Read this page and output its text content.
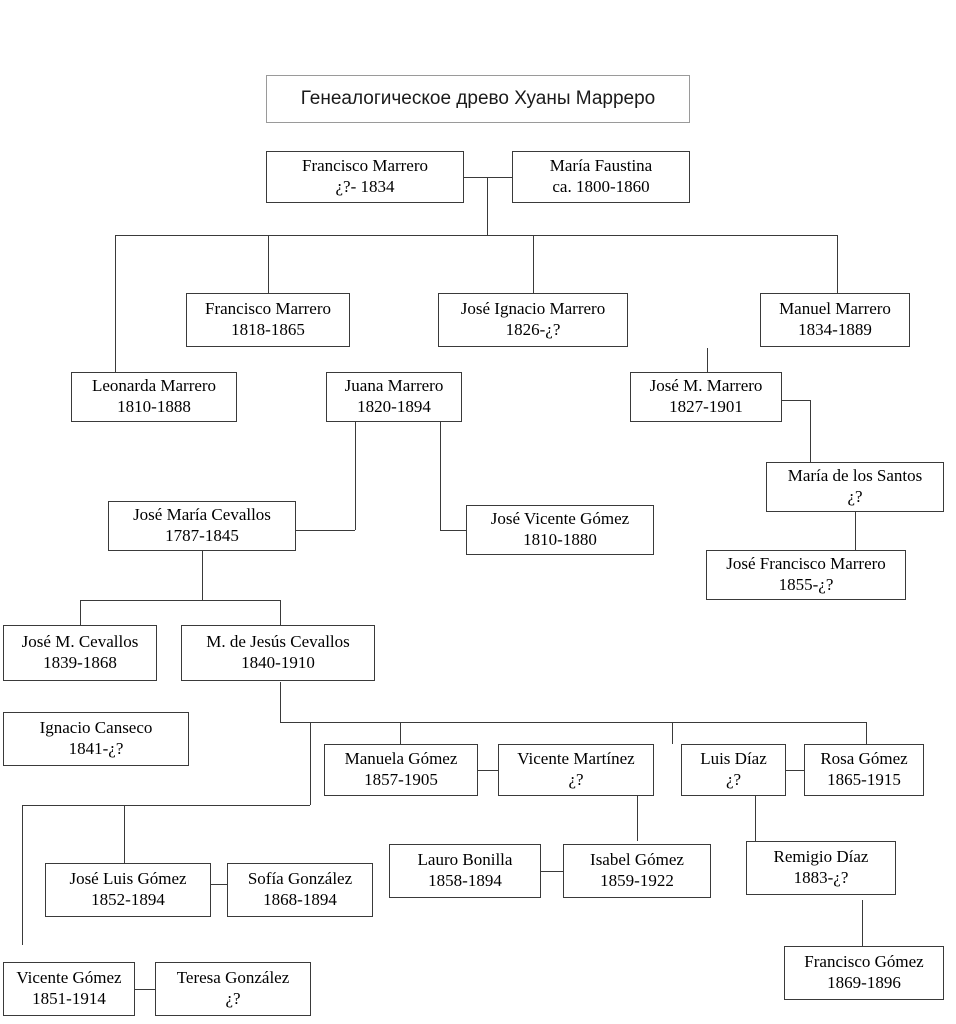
Генеалогическое древо Хуаны Марреро
Francisco Marrero
¿?- 1834
María Faustina
ca. 1800-1860
Francisco Marrero
1818-1865
José Ignacio Marrero
1826-¿?
Manuel Marrero
1834-1889
Leonarda Marrero
1810-1888
Juana Marrero
1820-1894
José M. Marrero
1827-1901
María de los Santos
¿?
José María Cevallos
1787-1845
José Vicente Gómez
1810-1880
José Francisco Marrero
1855-¿?
José M. Cevallos
1839-1868
M. de Jesús Cevallos
1840-1910
Ignacio Canseco
1841-¿?
Manuela Gómez
1857-1905
Vicente Martínez
¿?
Luis Díaz
¿?
Rosa Gómez
1865-1915
Lauro Bonilla
1858-1894
Isabel Gómez
1859-1922
Remigio Díaz
1883-¿?
José Luis Gómez
1852-1894
Sofía González
1868-1894
Vicente Gómez
1851-1914
Teresa González
¿?
Francisco Gómez
1869-1896
